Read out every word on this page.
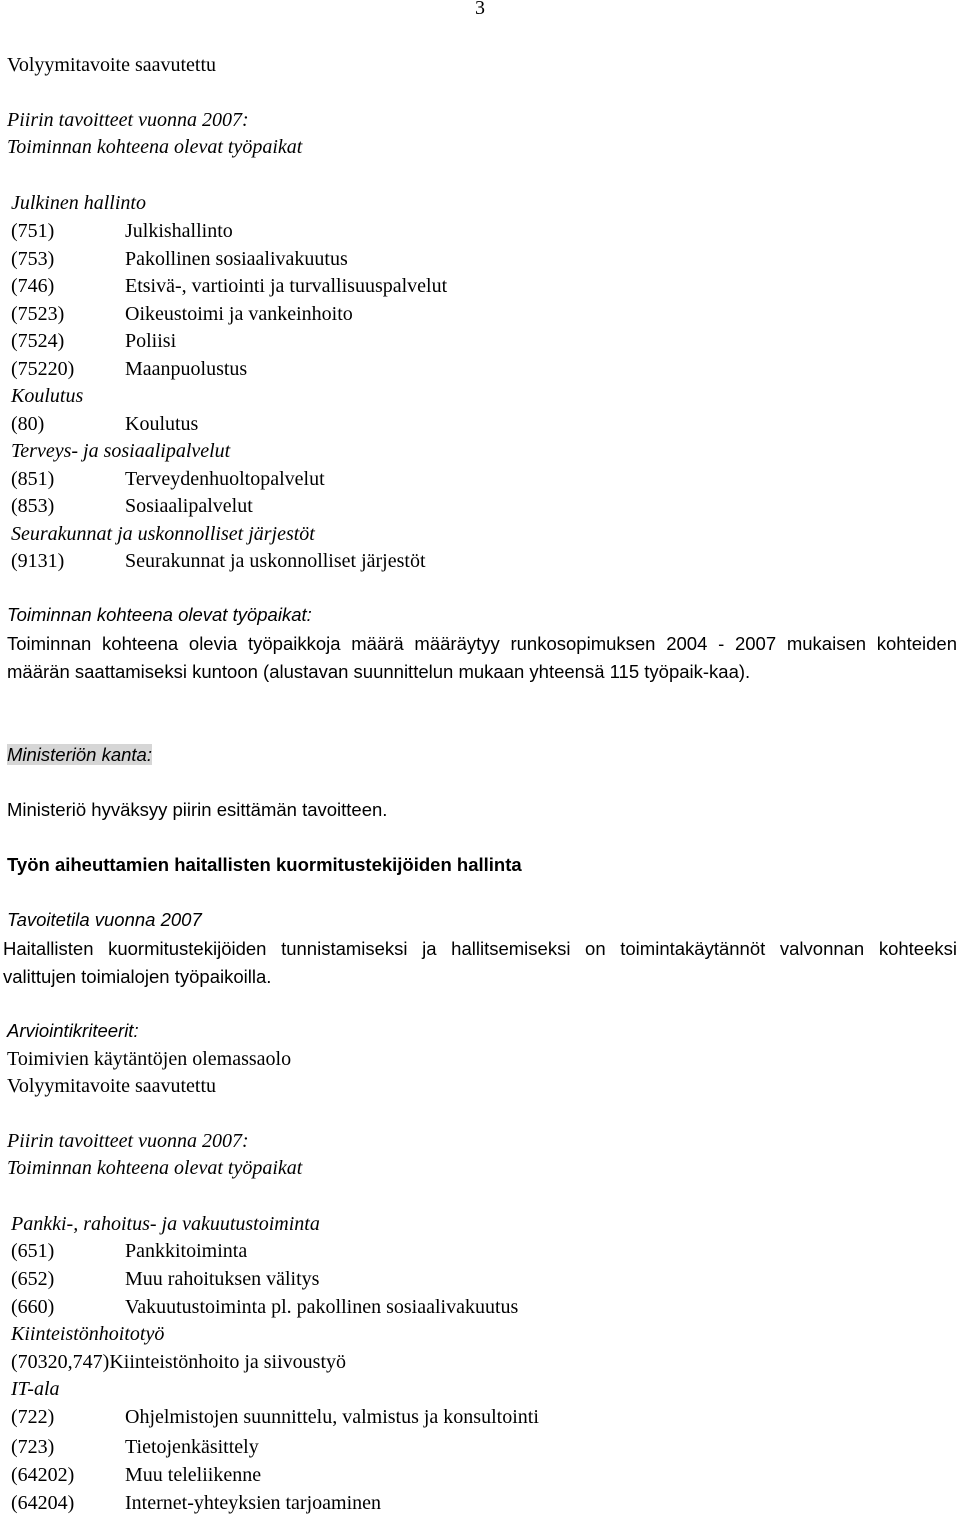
3
Volyymitavoite saavutettu
Piirin tavoitteet vuonna 2007:
Toiminnan kohteena olevat työpaikat
Julkinen hallinto
(751)	Julkishallinto
(753)	Pakollinen sosiaalivakuutus
(746)	Etsivä-, vartiointi ja turvallisuuspalvelut
(7523)	Oikeustoimi ja vankeinhoito
(7524)	Poliisi
(75220)	Maanpuolustus
Koulutus
(80)	Koulutus
Terveys- ja sosiaalipalvelut
(851)	Terveydenhuoltopalvelut
(853)	Sosiaalipalvelut
Seurakunnat ja uskonnolliset järjestöt
(9131)	Seurakunnat ja uskonnolliset järjestöt
Toiminnan kohteena olevat työpaikat:
Toiminnan kohteena olevia työpaikkoja määrä määräytyy runkosopimuksen 2004 - 2007 mukaisen kohteiden määrän saattamiseksi kuntoon (alustavan suunnittelun mukaan yhteensä 115 työpaik-kaa).
Ministeriön kanta:
Ministeriö hyväksyy piirin esittämän tavoitteen.
Työn aiheuttamien haitallisten kuormitustekijöiden hallinta
Tavoitetila vuonna 2007
Haitallisten kuormitustekijöiden tunnistamiseksi ja hallitsemiseksi on toimintakäytännöt valvonnan kohteeksi valittujen toimialojen työpaikoilla.
Arviointikriteerit:
Toimivien käytäntöjen olemassaolo
Volyymitavoite saavutettu
Piirin tavoitteet vuonna 2007:
Toiminnan kohteena olevat työpaikat
Pankki-, rahoitus- ja vakuutustoiminta
(651)	Pankkitoiminta
(652)	Muu rahoituksen välitys
(660)	Vakuutustoiminta pl. pakollinen sosiaalivakuutus
Kiinteistönhoitotyö
(70320,747)Kiinteistönhoito ja siivoustyö
IT-ala
(722)	Ohjelmistojen suunnittelu, valmistus ja konsultointi
(723)	Tietojenkäsittely
(64202)	Muu teleliikenne
(64204)	Internet-yhteyksien tarjoaminen
